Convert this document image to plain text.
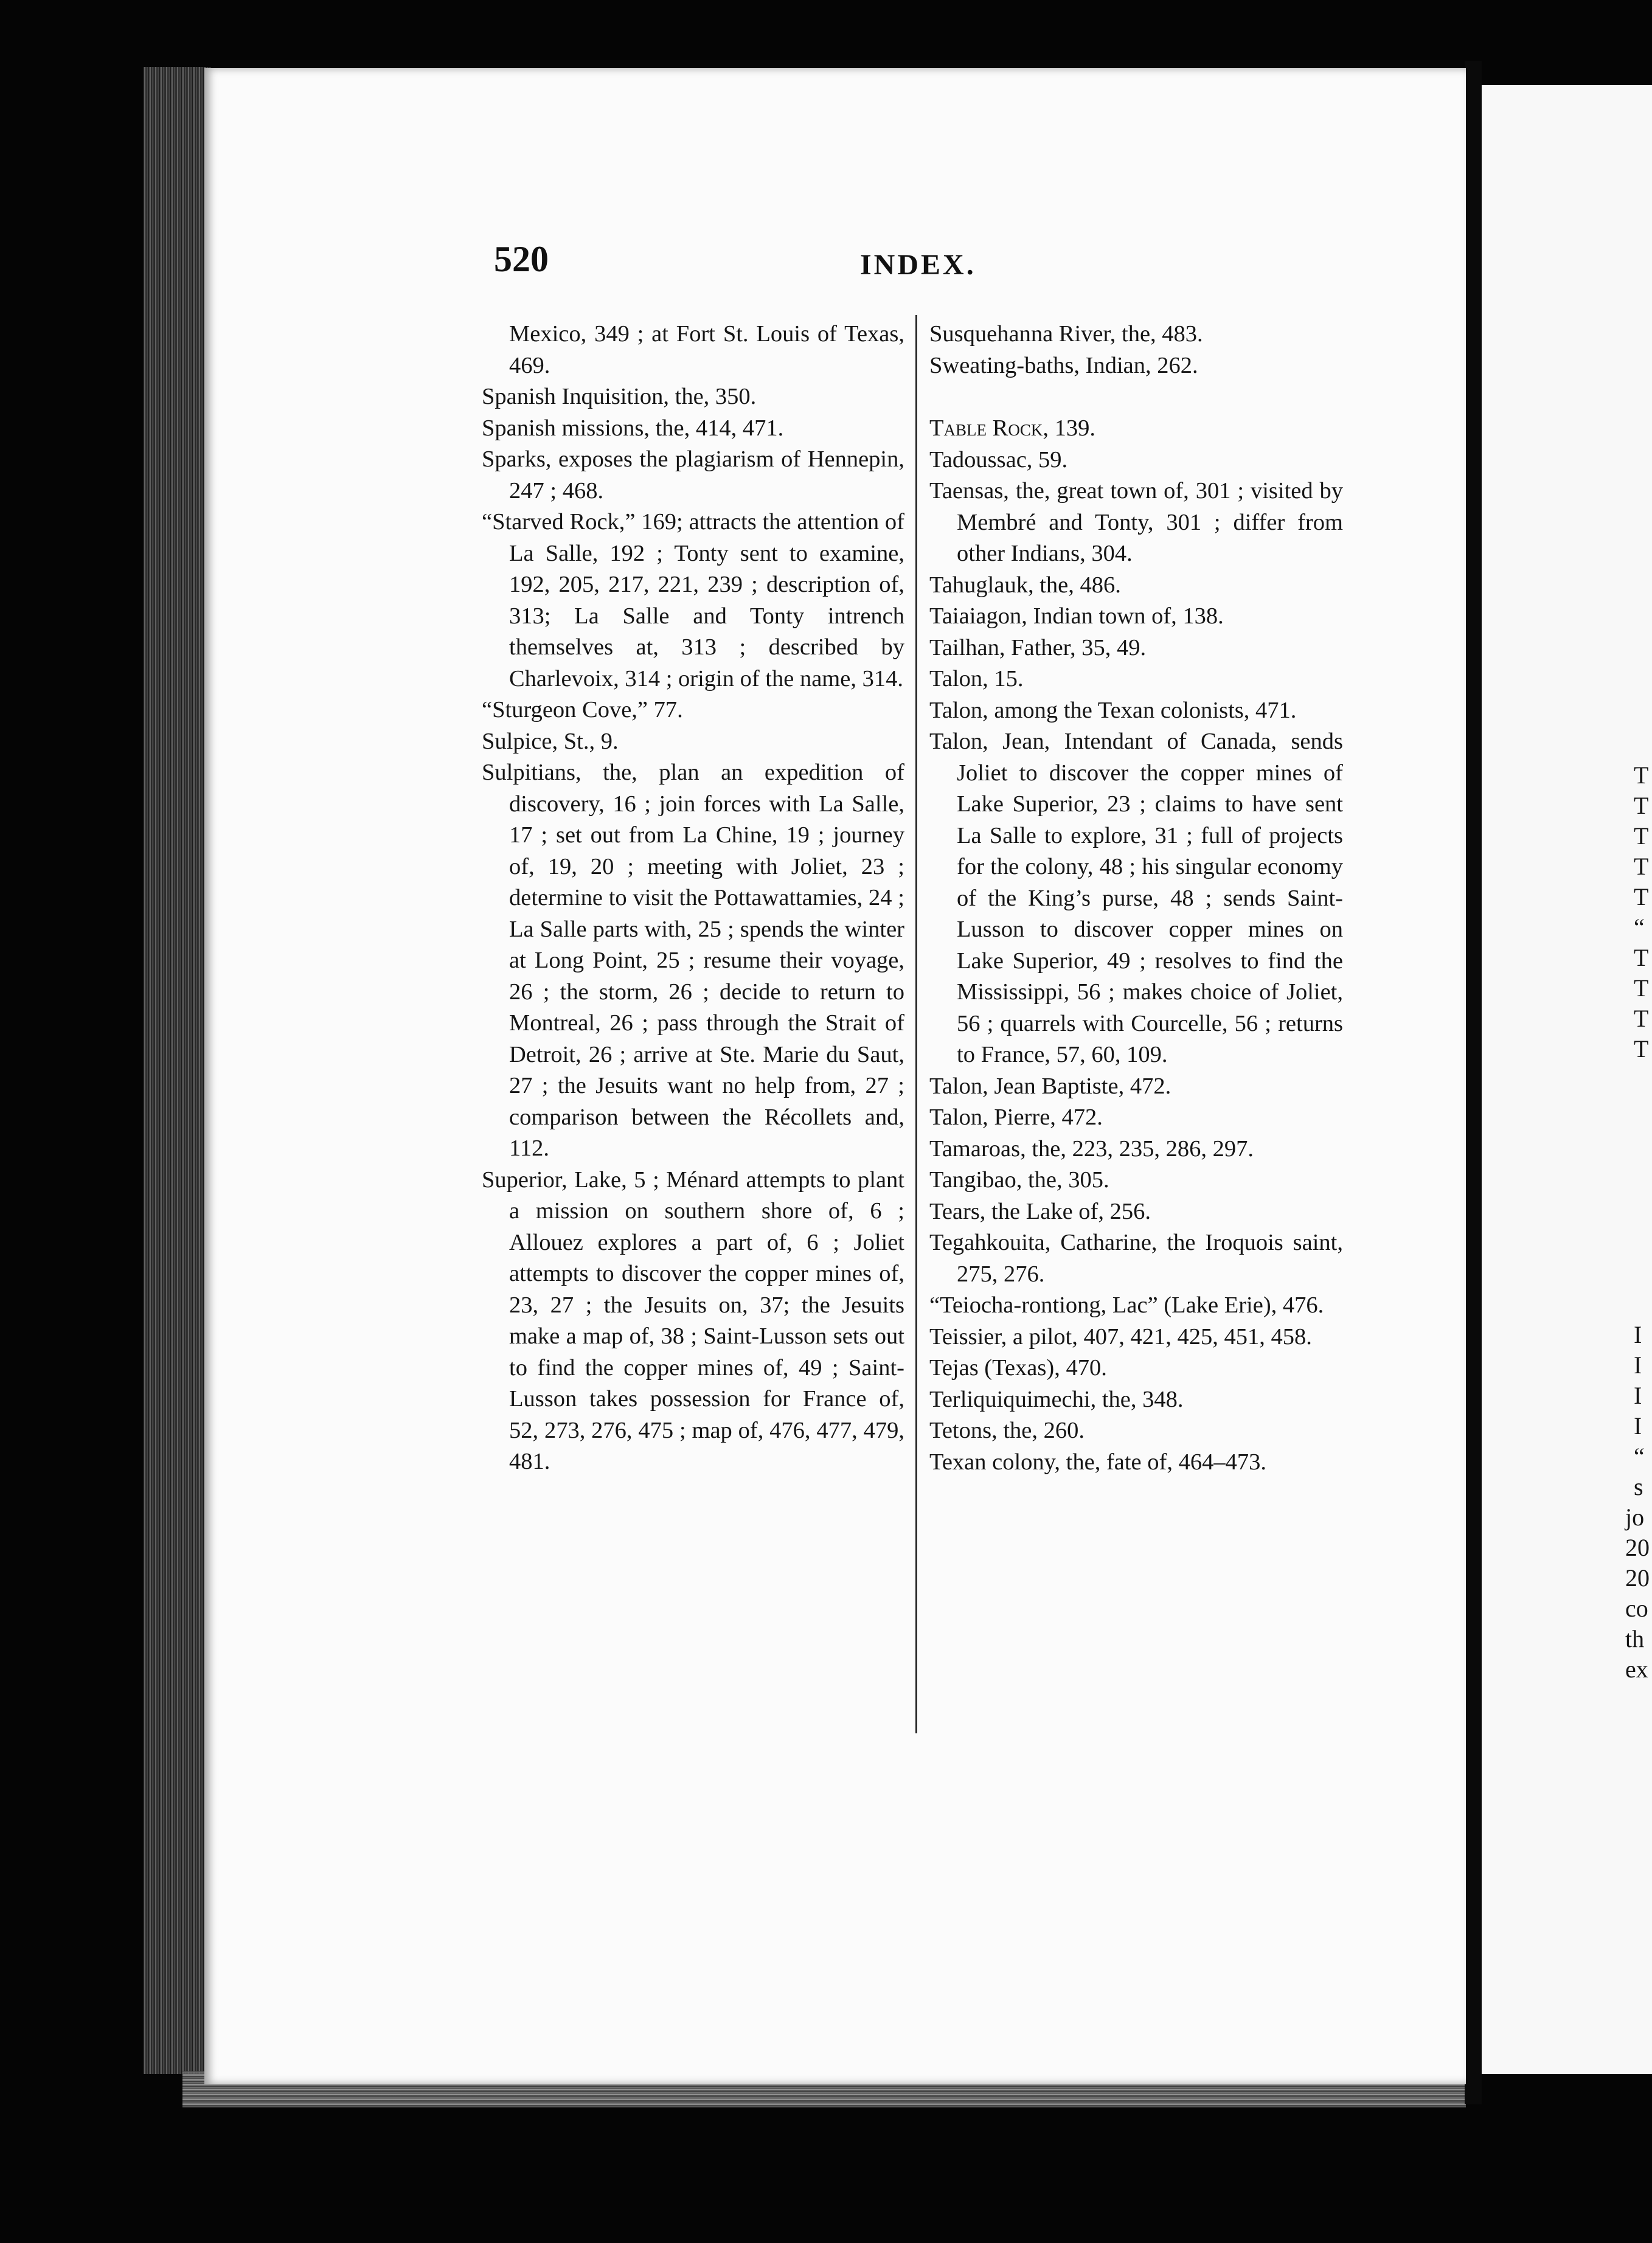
T
T
T
T
T
“
T
T
T
T
I
I
I
I
“
s
jo
20
20
co
th
ex
520	INDEX.

Mexico, 349 ; at Fort St. Louis of Texas, 469.

Spanish Inquisition, the, 350.

Spanish missions, the, 414, 471.

Sparks, exposes the plagiarism of Hennepin, 247 ; 468.

“Starved Rock,” 169; attracts the attention of La Salle, 192 ; Tonty sent to examine, 192, 205, 217, 221, 239 ; description of, 313; La Salle and Tonty intrench themselves at, 313 ; described by Charlevoix, 314 ; origin of the name, 314.

“Sturgeon Cove,” 77.

Sulpice, St., 9.

Sulpitians, the, plan an expedition of discovery, 16 ; join forces with La Salle, 17 ; set out from La Chine, 19 ; journey of, 19, 20 ; meeting with Joliet, 23 ; determine to visit the Pottawattamies, 24 ; La Salle parts with, 25 ; spends the winter at Long Point, 25 ; resume their voyage, 26 ; the storm, 26 ; decide to return to Montreal, 26 ; pass through the Strait of Detroit, 26 ; arrive at Ste. Marie du Saut, 27 ; the Jesuits want no help from, 27 ; comparison between the Récollets and, 112.

Superior, Lake, 5 ; Ménard attempts to plant a mission on southern shore of, 6 ; Allouez explores a part of, 6 ; Joliet attempts to discover the copper mines of, 23, 27 ; the Jesuits on, 37; the Jesuits make a map of, 38 ; Saint-Lusson sets out to find the copper mines of, 49 ; Saint-Lusson takes possession for France of, 52, 273, 276, 475 ; map of, 476, 477, 479, 481.

Susquehanna River, the, 483.

Sweating-baths, Indian, 262.

Table Rock, 139.

Tadoussac, 59.

Taensas, the, great town of, 301 ; visited by Membré and Tonty, 301 ; differ from other Indians, 304.

Tahuglauk, the, 486.

Taiaiagon, Indian town of, 138.

Tailhan, Father, 35, 49.

Talon, 15.

Talon, among the Texan colonists, 471.

Talon, Jean, Intendant of Canada, sends Joliet to discover the copper mines of Lake Superior, 23 ; claims to have sent La Salle to explore, 31 ; full of projects for the colony, 48 ; his singular economy of the King’s purse, 48 ; sends Saint-Lusson to discover copper mines on Lake Superior, 49 ; resolves to find the Mississippi, 56 ; makes choice of Joliet, 56 ; quarrels with Courcelle, 56 ; returns to France, 57, 60, 109.

Talon, Jean Baptiste, 472.

Talon, Pierre, 472.

Tamaroas, the, 223, 235, 286, 297.

Tangibao, the, 305.

Tears, the Lake of, 256.

Tegahkouita, Catharine, the Iroquois saint, 275, 276.

“Teiocha-rontiong, Lac” (Lake Erie), 476.

Teissier, a pilot, 407, 421, 425, 451, 458.

Tejas (Texas), 470.

Terliquiquimechi, the, 348.

Tetons, the, 260.

Texan colony, the, fate of, 464–473.
